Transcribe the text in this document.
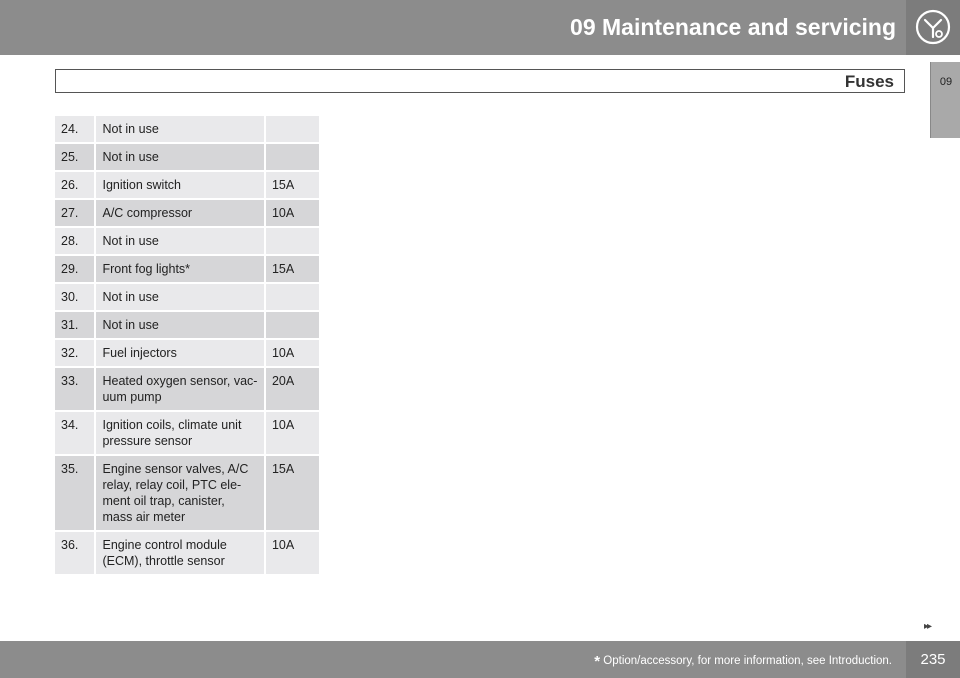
09 Maintenance and servicing
Fuses	09
24.	Not in use	
25.	Not in use	
26.	Ignition switch	15A
27.	A/C compressor	10A
28.	Not in use	
29.	Front fog lights*	15A
30.	Not in use	
31.	Not in use	
32.	Fuel injectors	10A
33.	Heated oxygen sensor, vac-uum pump	20A
34.	Ignition coils, climate unit pressure sensor	10A
35.	Engine sensor valves, A/C relay, relay coil, PTC ele-ment oil trap, canister, mass air meter	15A
36.	Engine control module (ECM), throttle sensor	10A
▸▸
* Option/accessory, for more information, see Introduction.	235
